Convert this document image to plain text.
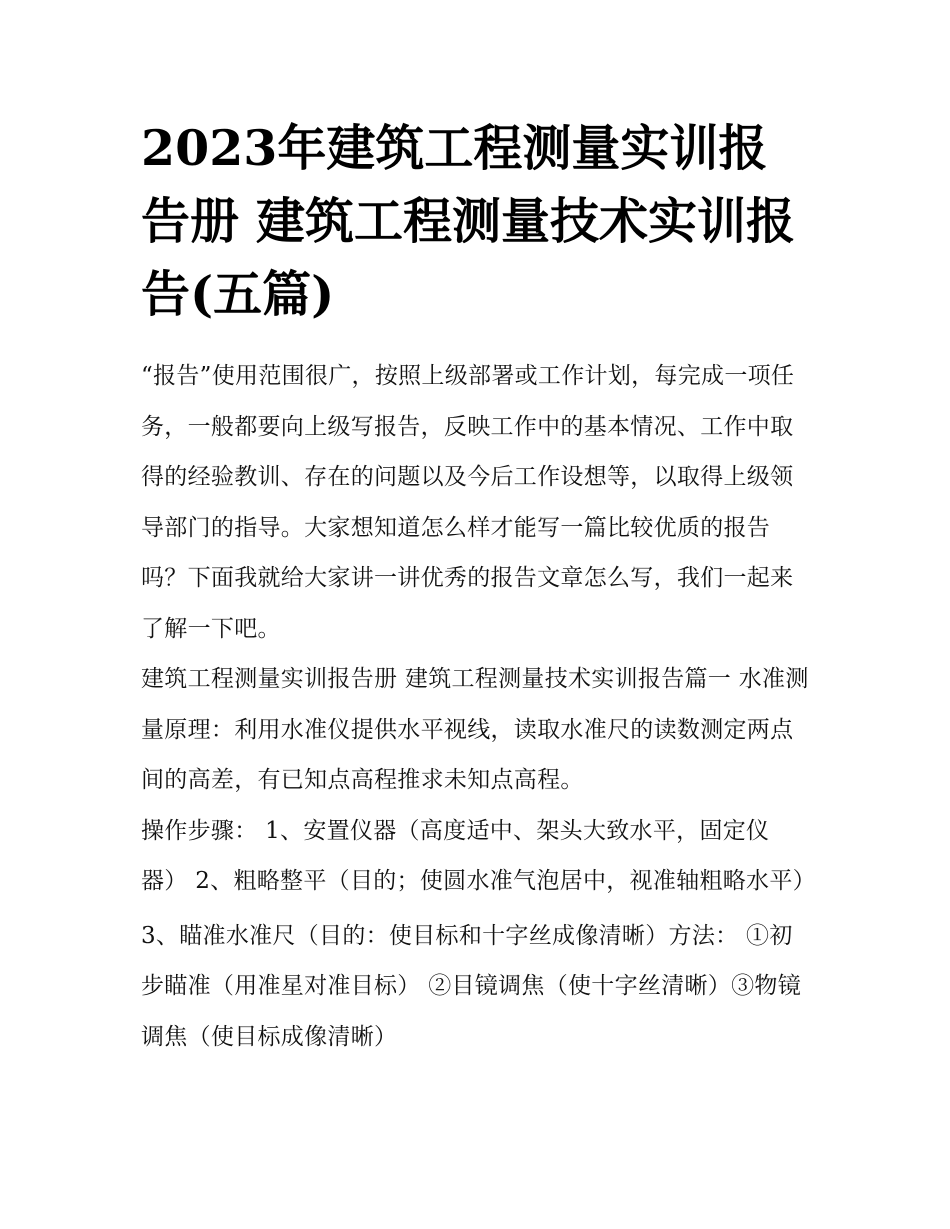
2023年建筑工程测量实训报告册 建筑工程测量技术实训报告(五篇)

“报告”使用范围很广，按照上级部署或工作计划，每完成一项任务，一般都要向上级写报告，反映工作中的基本情况、工作中取得的经验教训、存在的问题以及今后工作设想等，以取得上级领导部门的指导。大家想知道怎么样才能写一篇比较优质的报告吗？下面我就给大家讲一讲优秀的报告文章怎么写，我们一起来了解一下吧。

建筑工程测量实训报告册 建筑工程测量技术实训报告篇一 水准测量原理：利用水准仪提供水平视线，读取水准尺的读数测定两点间的高差，有已知点高程推求未知点高程。

操作步骤： 1、安置仪器（高度适中、架头大致水平，固定仪器） 2、粗略整平（目的；使圆水准气泡居中，视准轴粗略水平）

3、瞄准水准尺（目的：使目标和十字丝成像清晰）方法： ①初步瞄准（用准星对准目标） ②目镜调焦（使十字丝清晰）③物镜调焦（使目标成像清晰）
